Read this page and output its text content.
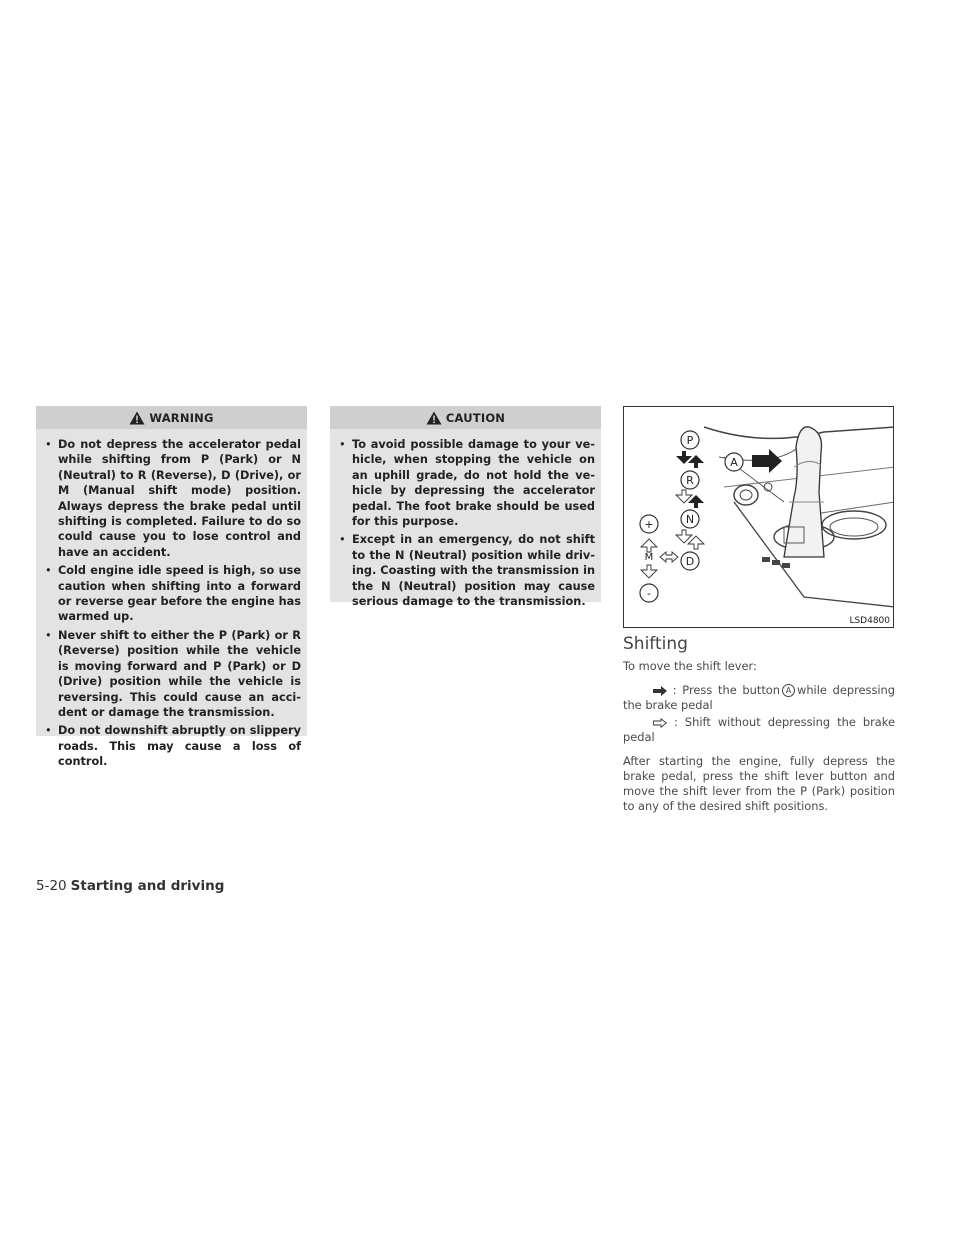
WARNING
• Do not depress the accelerator pedal while shifting from P (Park) or N (Neutral) to R (Reverse), D (Drive), or M (Manual shift mode) position. Always depress the brake pedal until shifting is completed. Failure to do so could cause you to lose control and have an accident.
• Cold engine idle speed is high, so use caution when shifting into a forward or reverse gear before the engine has warmed up.
• Never shift to either the P (Park) or R (Reverse) position while the vehicle is moving forward and P (Park) or D (Drive) position while the vehicle is reversing. This could cause an accident or damage the transmission.
• Do not downshift abruptly on slippery roads. This may cause a loss of control.
CAUTION
• To avoid possible damage to your vehicle, when stopping the vehicle on an uphill grade, do not hold the vehicle by depressing the accelerator pedal. The foot brake should be used for this purpose.
• Except in an emergency, do not shift to the N (Neutral) position while driving. Coasting with the transmission in the N (Neutral) position may cause serious damage to the transmission.
A
P
R
N
D
+
-
M
LSD4800
Shifting
To move the shift lever:
: Press the button A while depressing the brake pedal
: Shift without depressing the brake pedal
After starting the engine, fully depress the brake pedal, press the shift lever button and move the shift lever from the P (Park) position to any of the desired shift positions.
5-20 Starting and driving
